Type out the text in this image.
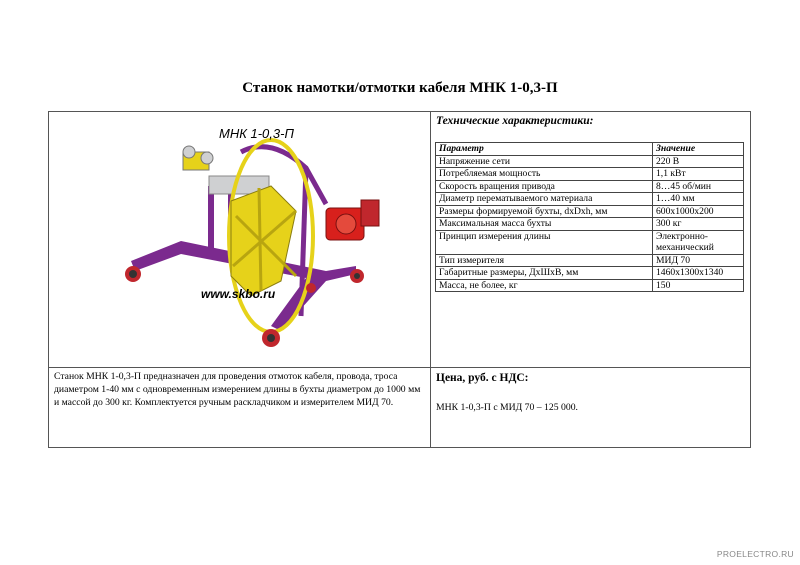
Станок намотки/отмотки кабеля МНК 1-0,3-П
МНК 1-0,3-П
www.skbo.ru
Технические характеристики:
Параметр	Значение
Напряжение сети	220 В
Потребляемая мощность	1,1 кВт
Скорость вращения привода	8…45 об/мин
Диаметр перематываемого материала	1…40 мм
Размеры формируемой бухты, dxDxh, мм	600x1000x200
Максимальная масса бухты	300 кг
Принцип измерения длины	Электронно-механический
Тип измерителя	МИД 70
Габаритные размеры, ДхШхВ, мм	1460x1300x1340
Масса, не более, кг	150
Станок МНК 1-0,3-П предназначен для проведения отмоток кабеля, провода, троса диаметром 1-40 мм с одновременным измерением длины в бухты диаметром до 1000 мм и массой до 300 кг. Комплектуется ручным раскладчиком и измерителем МИД 70.
Цена, руб. с НДС:
МНК 1-0,3-П с МИД 70 – 125 000.
PROELECTRO.RU
